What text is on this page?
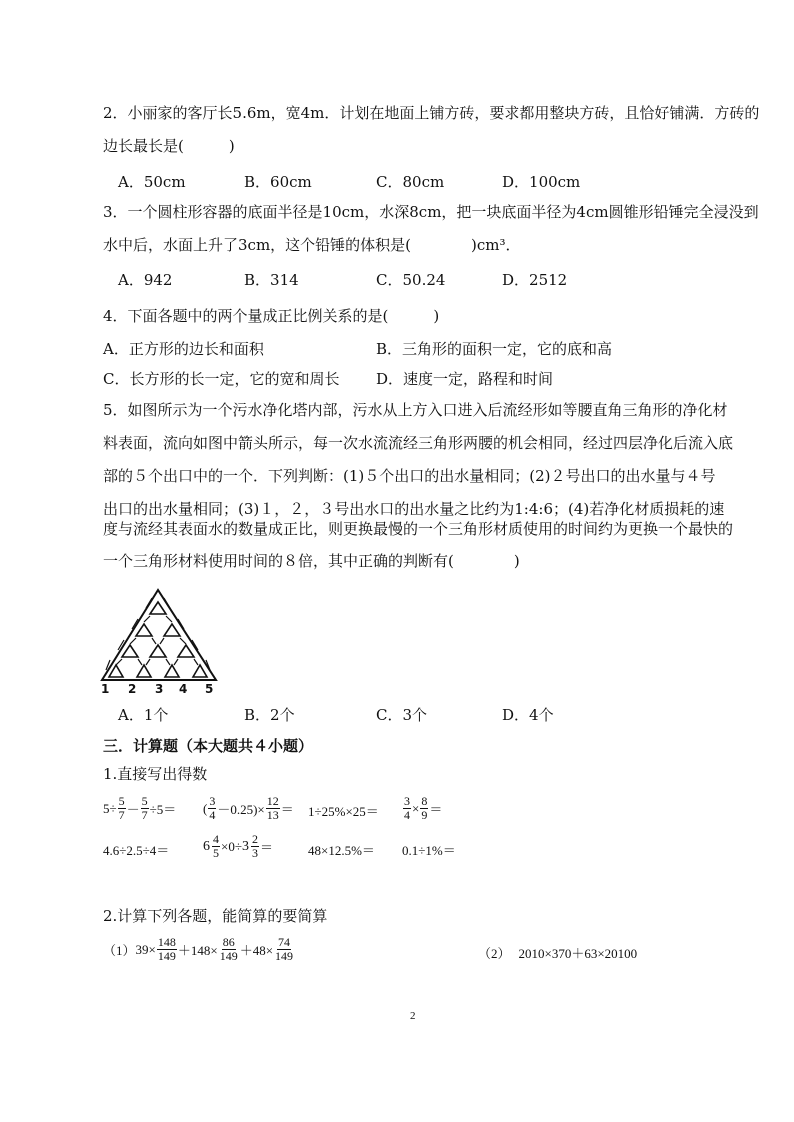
2．小丽家的客厅长5.6m，宽4m．计划在地面上铺方砖，要求都用整块方砖，且恰好铺满．方砖的
边长最长是(　　　)
A．50cm	B．60cm	C．80cm	D．100cm
3．一个圆柱形容器的底面半径是10cm，水深8cm，把一块底面半径为4cm圆锥形铅锤完全浸没到
水中后，水面上升了3cm，这个铅锤的体积是(　　　　)cm³．
A．942	B．314	C．50.24	D．2512
4．下面各题中的两个量成正比例关系的是(　　　)
A．正方形的边长和面积	B．三角形的面积一定，它的底和高
C．长方形的长一定，它的宽和周长 D．速度一定，路程和时间
5．如图所示为一个污水净化塔内部，污水从上方入口进入后流经形如等腰直角三角形的净化材
料表面，流向如图中箭头所示，每一次水流流经三角形两腰的机会相同，经过四层净化后流入底
部的５个出口中的一个．下列判断：(1)５个出口的出水量相同；(2)２号出口的出水量与４号
出口的出水量相同；(3)１，２，３号出水口的出水量之比约为1:4:6；(4)若净化材质损耗的速
度与流经其表面水的数量成正比，则更换最慢的一个三角形材质使用的时间约为更换一个最快的
一个三角形材料使用时间的８倍，其中正确的判断有(　　　　)
1 2 3 4 5
A．1个	B．2个	C．3个	D．4个
三．计算题（本大题共４小题）
1.直接写出得数
$5\div \frac{5}{7} - \frac{5}{7} \div 5=$ ( $\frac{3}{4} -0.25)\times \frac{12}{13} = 1\div 25\%\times 25= \frac{3}{4} \times \frac{8}{9}$ ＝
$4.6\div 2.5\div 4= 6 \frac{4}{5} \times 0\div 3 \frac{2}{3}$ ＝	48×12.5%＝ 0.1÷1%＝
2.计算下列各题，能简算的要简算
（1） $39\times \frac{148}{149} +148\times \frac{86}{149} +48\times \frac{74}{149}$	（2） 2010×370＋63×20100
2
